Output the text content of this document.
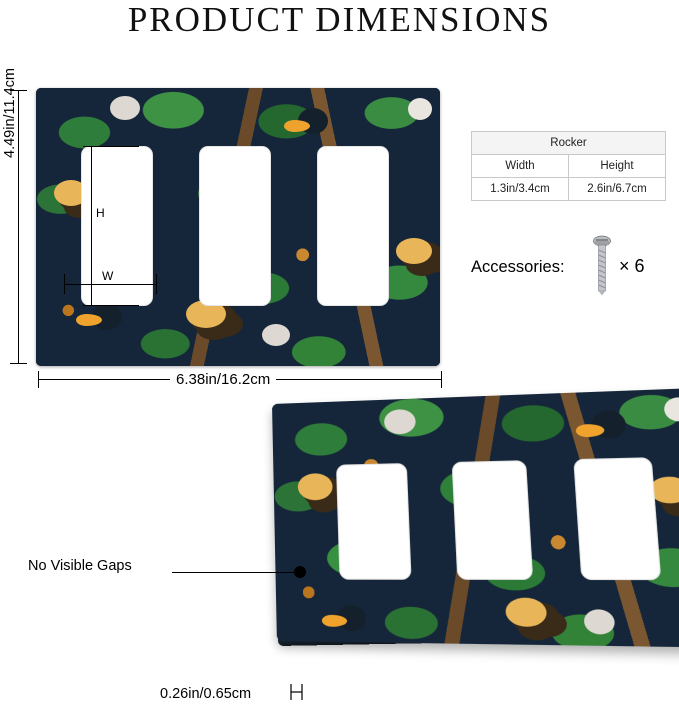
PRODUCT DIMENSIONS
H
W
4.49in/11.4cm
6.38in/16.2cm
Rocker	
Width	Height
1.3in/3.4cm	2.6in/6.7cm
Accessories:	× 6
No Visible Gaps
0.26in/0.65cm
